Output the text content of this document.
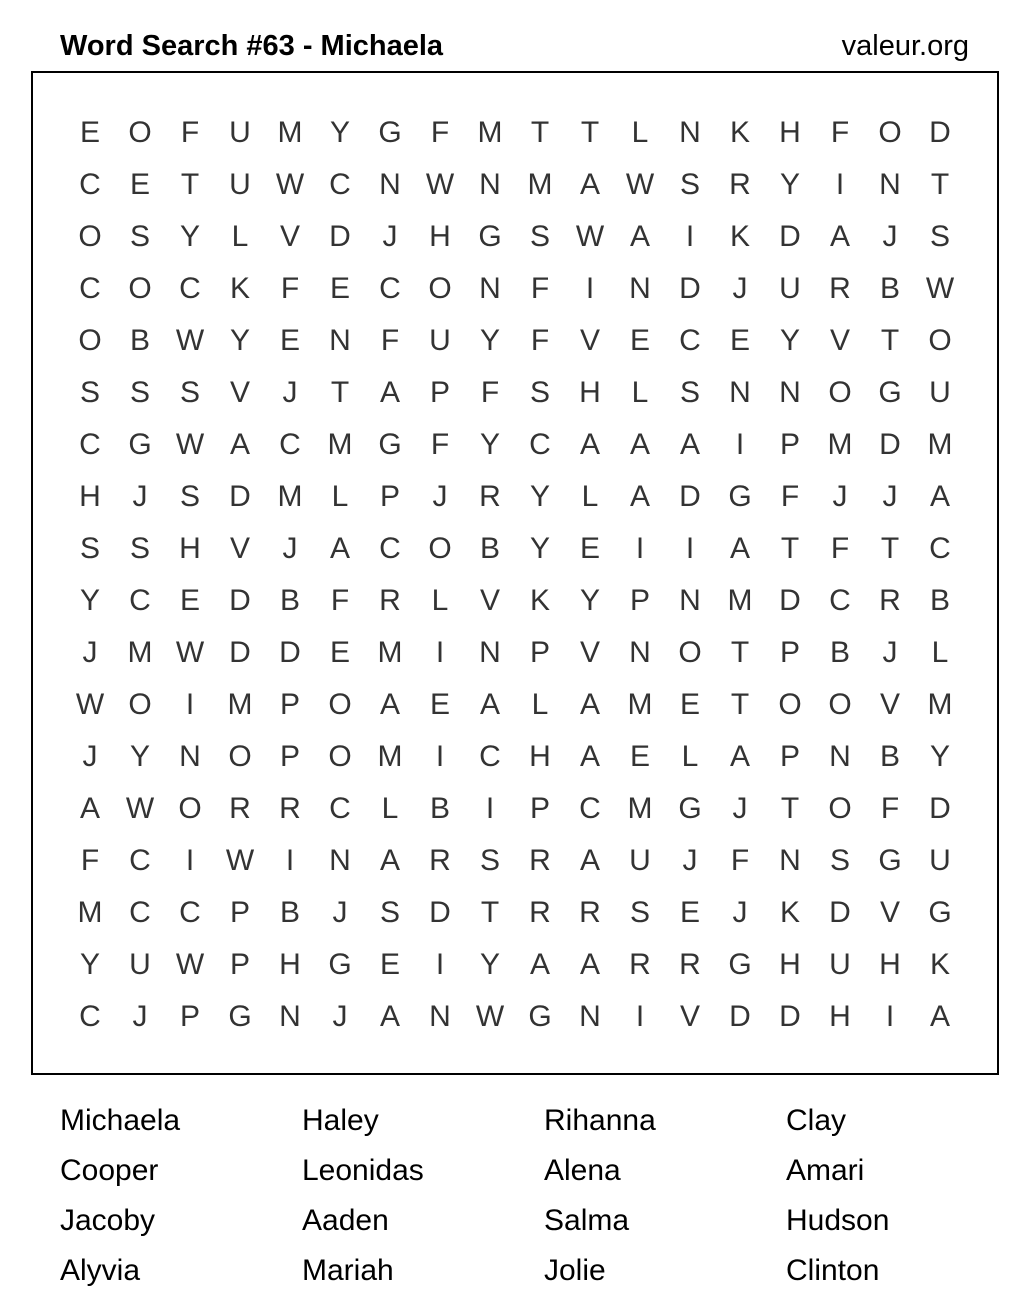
Word Search #63 - Michaela	valeur.org
E O F	U M Y G F M T	T	L	N K H	F O D
C E	T	U W C N W N M A W S R Y	I	N	T
O S Y	L	V D	J	H G S W A	I	K D A	J	S
C O C K	F	E C O N	F	I	N D	J	U R B W
O B W Y E N	F	U Y	F	V E C E Y V	T O
S S S V	J	T	A P	F	S H	L	S N N O G U
C G W A C M G F	Y C A A A	I	P M D M
H	J	S D M L	P	J	R Y	L	A D G F	J	J	A
S S H V	J	A C O B Y E	I	I	A	T	F	T	C
Y C E D B	F	R	L	V K Y P N M D C R B
J	M W D D E M	I	N P V N O T	P B	J	L
W O	I	M P O A E A	L	A M E	T O O V M
J	Y N O P O M	I	C H A E	L	A P N B Y
A W O R R C	L	B	I	P C M G	J	T O F	D
F	C	I	W	I	N A R S R A U	J	F	N S G U
M C C P B	J	S D	T	R R S E	J	K D V G
Y U W P H G E	I	Y A A R R G H U H K
C	J	P G N	J	A N W G N	I	V D D H	I	A
Michaela	Haley	Rihanna	Clay
Cooper	Leonidas	Alena	Amari
Jacoby	Aaden	Salma	Hudson
Alyvia	Mariah	Jolie	Clinton
